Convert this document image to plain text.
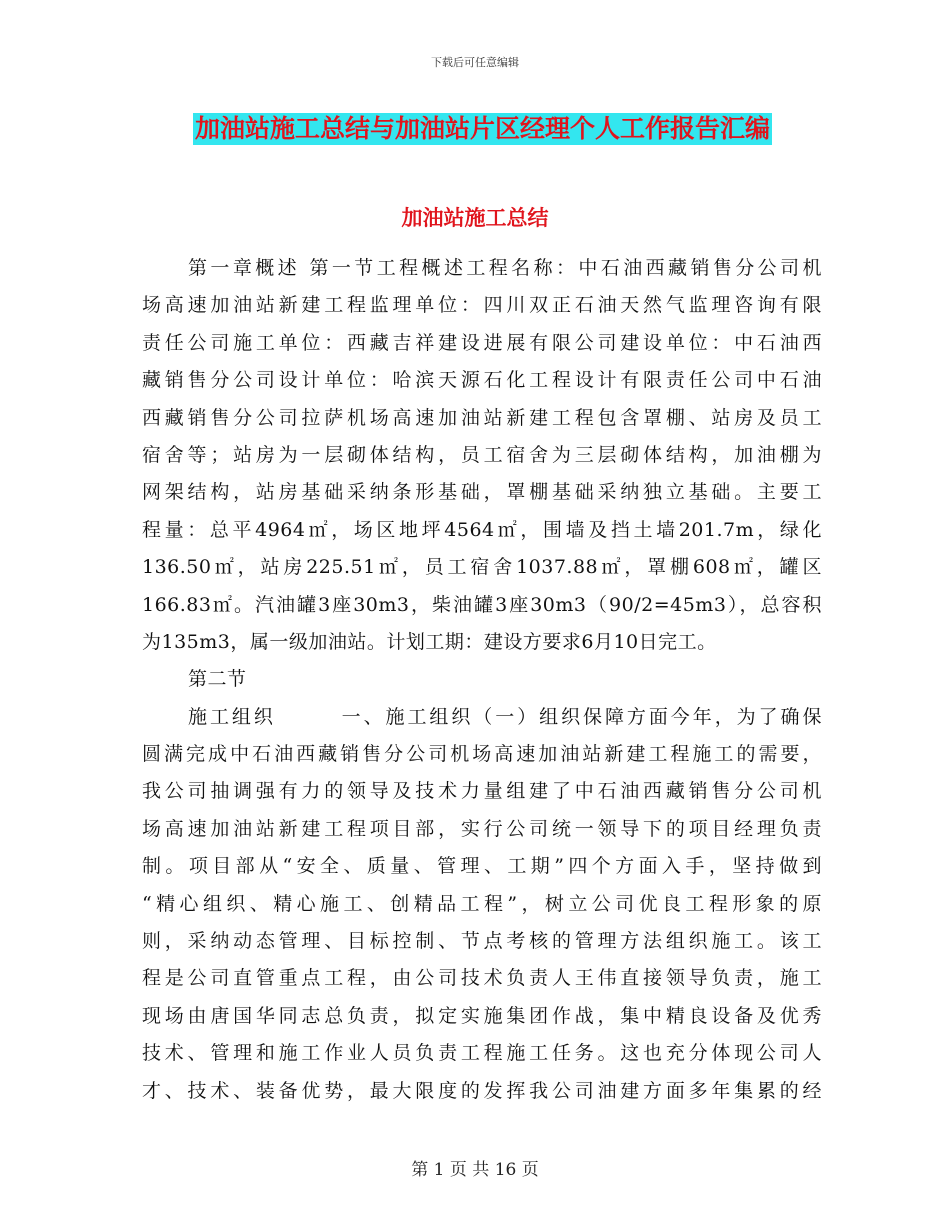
下载后可任意编辑
加油站施工总结与加油站片区经理个人工作报告汇编
加油站施工总结
第一章概述 第一节工程概述工程名称：中石油西藏销售分公司机
场高速加油站新建工程监理单位：四川双正石油天然气监理咨询有限
责任公司施工单位：西藏吉祥建设进展有限公司建设单位：中石油西
藏销售分公司设计单位：哈滨天源石化工程设计有限责任公司中石油
西藏销售分公司拉萨机场高速加油站新建工程包含罩棚、站房及员工
宿舍等；站房为一层砌体结构，员工宿舍为三层砌体结构，加油棚为
网架结构，站房基础采纳条形基础，罩棚基础采纳独立基础。主要工
程量：总平4964㎡，场区地坪4564㎡，围墙及挡土墙201.7m，绿化
136.50㎡，站房225.51㎡，员工宿舍1037.88㎡，罩棚608㎡，罐区
166.83㎡。汽油罐3座30m3，柴油罐3座30m3（90/2=45m3），总容积
为135m3，属一级加油站。计划工期：建设方要求6月10日完工。
第二节
施工组织　　　一、施工组织（一）组织保障方面今年，为了确保
圆满完成中石油西藏销售分公司机场高速加油站新建工程施工的需要，
我公司抽调强有力的领导及技术力量组建了中石油西藏销售分公司机
场高速加油站新建工程项目部，实行公司统一领导下的项目经理负责
制。项目部从“安全、质量、管理、工期”四个方面入手，坚持做到
“精心组织、精心施工、创精品工程”，树立公司优良工程形象的原
则，采纳动态管理、目标控制、节点考核的管理方法组织施工。该工
程是公司直管重点工程，由公司技术负责人王伟直接领导负责，施工
现场由唐国华同志总负责，拟定实施集团作战，集中精良设备及优秀
技术、管理和施工作业人员负责工程施工任务。这也充分体现公司人
才、技术、装备优势，最大限度的发挥我公司油建方面多年集累的经
第 1 页 共 16 页
